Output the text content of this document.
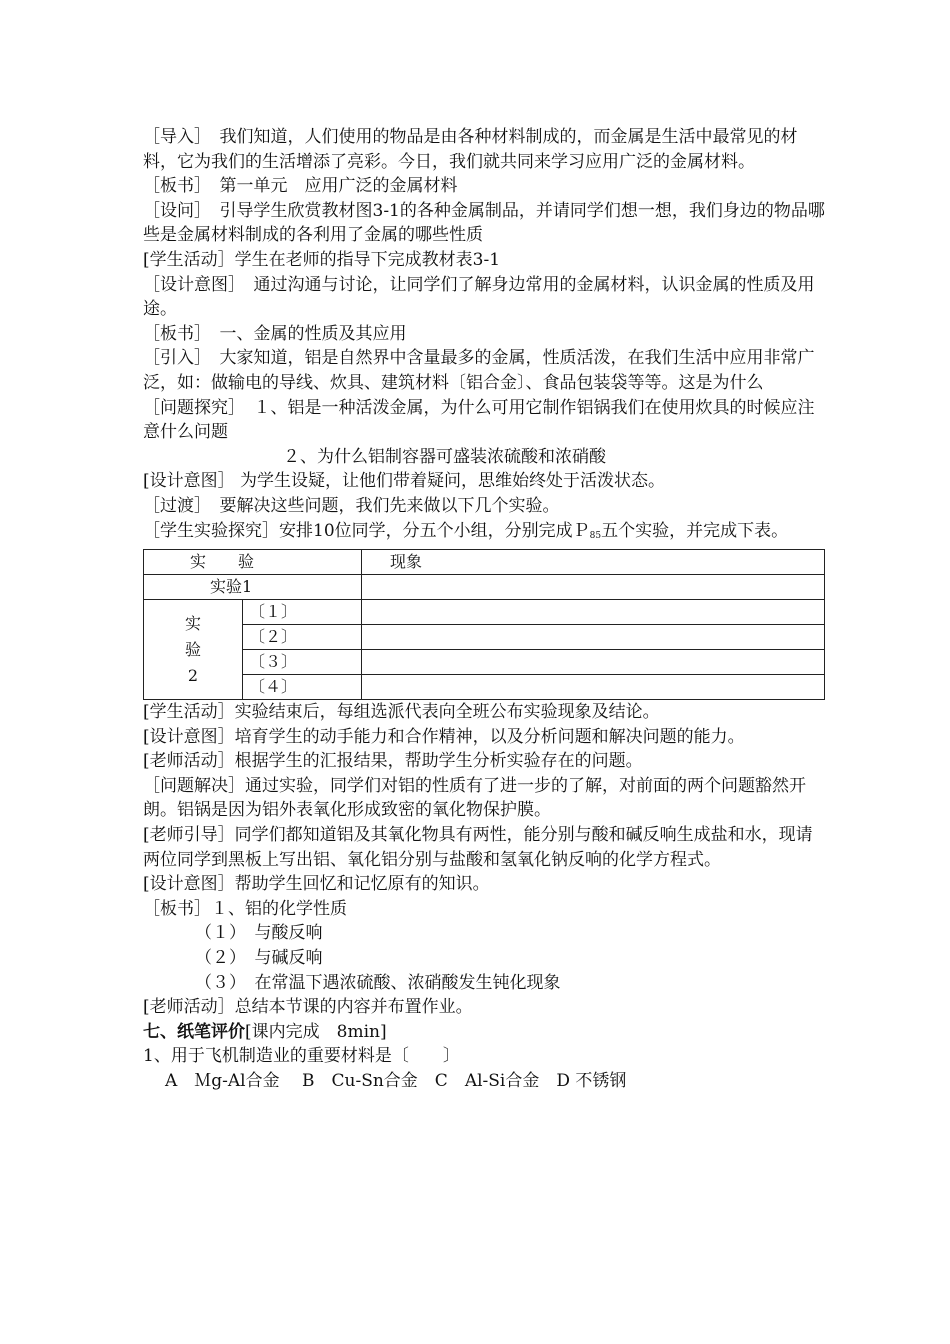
［导入］　我们知道，人们使用的物品是由各种材料制成的，而金属是生活中最常见的材料，它为我们的生活增添了亮彩。今日，我们就共同来学习应用广泛的金属材料。

［板书］　第一单元　应用广泛的金属材料

［设问］　引导学生欣赏教材图3-1的各种金属制品，并请同学们想一想，我们身边的物品哪些是金属材料制成的各利用了金属的哪些性质

[学生活动］学生在老师的指导下完成教材表3-1

［设计意图］　通过沟通与讨论，让同学们了解身边常用的金属材料，认识金属的性质及用途。

［板书］　一、金属的性质及其应用

［引入］　大家知道，铝是自然界中含量最多的金属，性质活泼，在我们生活中应用非常广泛，如：做输电的导线、炊具、建筑材料〔铝合金〕、食品包装袋等等。这是为什么

［问题探究］　１、铝是一种活泼金属，为什么可用它制作铝锅我们在使用炊具的时候应注意什么问题

２、为什么铝制容器可盛装浓硫酸和浓硝酸

[设计意图］ 为学生设疑，让他们带着疑问，思维始终处于活泼状态。

［过渡］　要解决这些问题，我们先来做以下几个实验。

［学生实验探究］安排10位同学，分五个小组，分别完成Ｐ85五个实验，并完成下表。

实　　验		现象
实验1		

实
验
2	〔１〕	
	〔２〕	
	〔３〕	
	〔４〕	

[学生活动］实验结束后，每组选派代表向全班公布实验现象及结论。

[设计意图］培育学生的动手能力和合作精神，以及分析问题和解决问题的能力。

[老师活动］根据学生的汇报结果，帮助学生分析实验存在的问题。

［问题解决］通过实验，同学们对铝的性质有了进一步的了解，对前面的两个问题豁然开朗。铝锅是因为铝外表氧化形成致密的氧化物保护膜。

[老师引导］同学们都知道铝及其氧化物具有两性，能分别与酸和碱反响生成盐和水，现请两位同学到黑板上写出铝、氧化铝分别与盐酸和氢氧化钠反响的化学方程式。

[设计意图］帮助学生回忆和记忆原有的知识。

［板书］１、铝的化学性质

（１）　与酸反响

（２）　与碱反响

（３）　在常温下遇浓硫酸、浓硝酸发生钝化现象

[老师活动］总结本节课的内容并布置作业。

七、纸笔评价[课内完成　8min]

1、用于飞机制造业的重要材料是〔　　〕

A　Ｍg-Al合金　 B　Cu-Sn合金　C　Al-Si合金　D 不锈钢
